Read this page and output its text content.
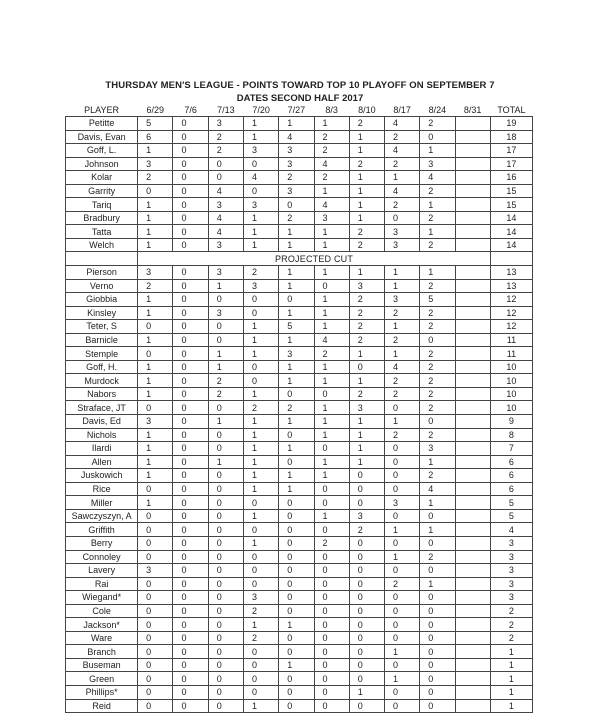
THURSDAY MEN'S LEAGUE - POINTS TOWARD TOP 10 PLAYOFF ON SEPTEMBER 7
DATES SECOND HALF 2017
PLAYER	6/29	7/6	7/13	7/20	7/27	8/3	8/10	8/17	8/24	8/31	TOTAL
Petitte	5	0	3	1	1	1	2	4	2		19
Davis, Evan	6	0	2	1	4	2	1	2	0		18
Goff, L.	1	0	2	3	3	2	1	4	1		17
Johnson	3	0	0	0	3	4	2	2	3		17
Kolar	2	0	0	4	2	2	1	1	4		16
Garrity	0	0	4	0	3	1	1	4	2		15
Tariq	1	0	3	3	0	4	1	2	1		15
Bradbury	1	0	4	1	2	3	1	0	2		14
Tatta	1	0	4	1	1	1	2	3	1		14
Welch	1	0	3	1	1	1	2	3	2		14
	PROJECTED CUT										
Pierson	3	0	3	2	1	1	1	1	1		13
Verno	2	0	1	3	1	0	3	1	2		13
Giobbia	1	0	0	0	0	1	2	3	5		12
Kinsley	1	0	3	0	1	1	2	2	2		12
Teter, S	0	0	0	1	5	1	2	1	2		12
Barnicle	1	0	0	1	1	4	2	2	0		11
Stemple	0	0	1	1	3	2	1	1	2		11
Goff, H.	1	0	1	0	1	1	0	4	2		10
Murdock	1	0	2	0	1	1	1	2	2		10
Nabors	1	0	2	1	0	0	2	2	2		10
Straface, JT	0	0	0	2	2	1	3	0	2		10
Davis, Ed	3	0	1	1	1	1	1	1	0		9
Nichols	1	0	0	1	0	1	1	2	2		8
Ilardi	1	0	0	1	1	0	1	0	3		7
Allen	1	0	1	1	0	1	1	0	1		6
Juskowich	1	0	0	1	1	1	0	0	2		6
Rice	0	0	0	1	1	0	0	0	4		6
Miller	1	0	0	0	0	0	0	3	1		5
Sawczyszyn, A	0	0	0	1	0	1	3	0	0		5
Griffith	0	0	0	0	0	0	2	1	1		4
Berry	0	0	0	1	0	2	0	0	0		3
Connoley	0	0	0	0	0	0	0	1	2		3
Lavery	3	0	0	0	0	0	0	0	0		3
Rai	0	0	0	0	0	0	0	2	1		3
Wiegand*	0	0	0	3	0	0	0	0	0		3
Cole	0	0	0	2	0	0	0	0	0		2
Jackson*	0	0	0	1	1	0	0	0	0		2
Ware	0	0	0	2	0	0	0	0	0		2
Branch	0	0	0	0	0	0	0	1	0		1
Buseman	0	0	0	0	1	0	0	0	0		1
Green	0	0	0	0	0	0	0	1	0		1
Phillips*	0	0	0	0	0	0	1	0	0		1
Reid	0	0	0	1	0	0	0	0	0		1
